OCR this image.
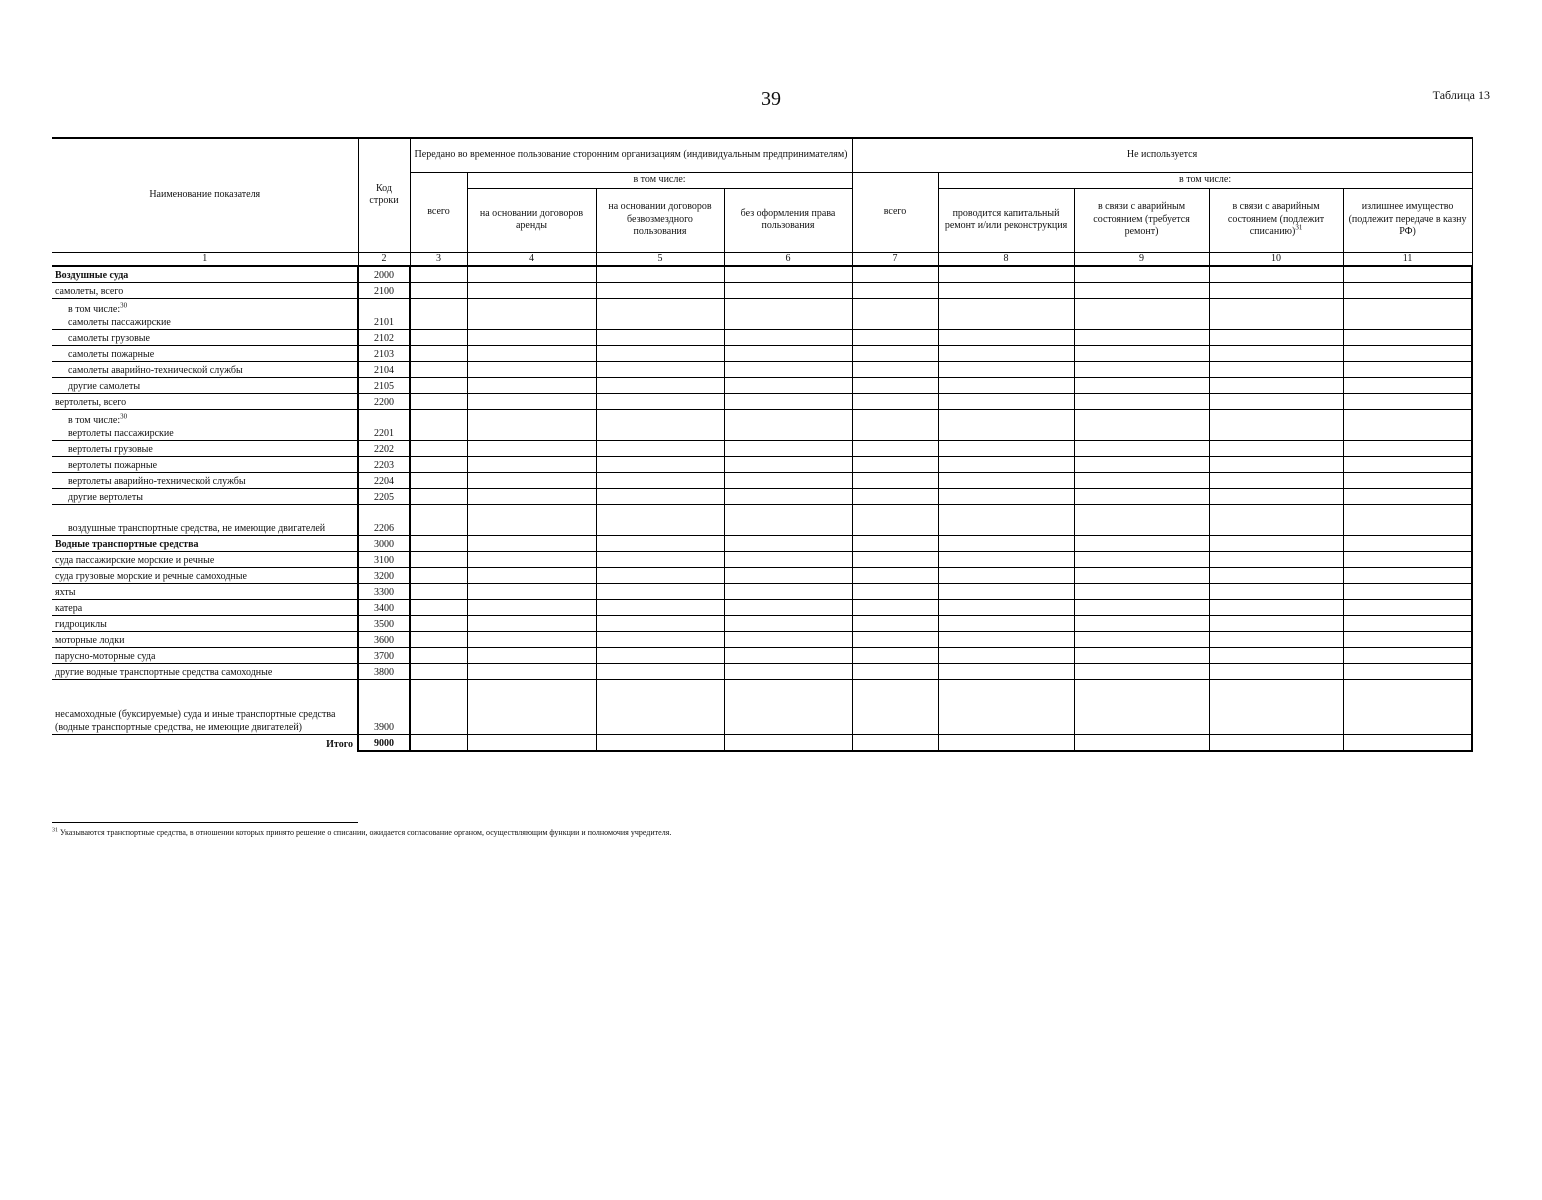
39	Таблица 13
Наименование показателя	Код строки	Передано во временное пользование сторонним организациям (индивидуальным предпринимателям)				Не используется				
		всего	в том числе:			всего	в том числе:			
			на основании договоров аренды	на основании договоров безвозмездного пользования	без оформления права пользования		проводится капитальный ремонт и/или реконструкция	в связи с аварийным состоянием (требуется ремонт)	в связи с аварийным состоянием (подлежит списанию)$^{31}$	излишнее имущество (подлежит передаче в казну РФ)
1	2	3	4	5	6	7	8	9	10	11
Воздушные суда	2000									
самолеты, всего	2100									
в том числе:$^{30}$
самолеты пассажирские	2101									
самолеты грузовые	2102									
самолеты пожарные	2103									
самолеты аварийно-технической службы	2104									
другие самолеты	2105									
вертолеты, всего	2200									
в том числе:$^{30}$
вертолеты пассажирские	2201									
вертолеты грузовые	2202									
вертолеты пожарные	2203									
вертолеты аварийно-технической службы	2204									
другие вертолеты	2205									
воздушные транспортные средства, не имеющие двигателей	2206									
Водные транспортные средства	3000									
суда пассажирские морские и речные	3100									
суда грузовые морские и речные самоходные	3200									
яхты	3300									
катера	3400									
гидроциклы	3500									
моторные лодки	3600									
парусно-моторные суда	3700									
другие водные транспортные средства самоходные	3800									
несамоходные (буксируемые) суда и иные транспортные средства (водные транспортные средства, не имеющие двигателей)	3900									
Итого	9000									
$^{31}$ Указываются транспортные средства, в отношении которых принято решение о списании, ожидается согласование органом, осуществляющим функции и полномочия учредителя.
